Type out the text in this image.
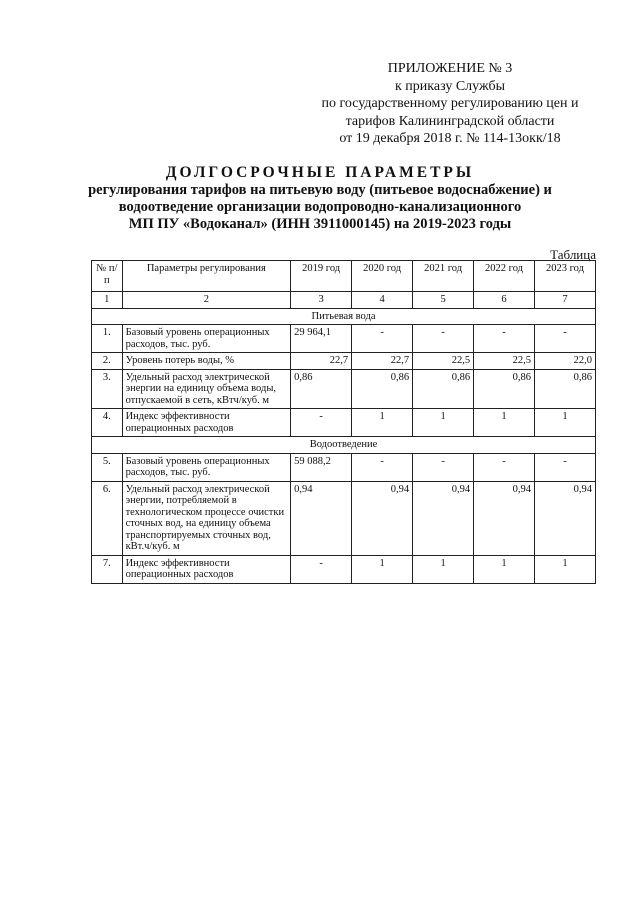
ПРИЛОЖЕНИЕ № 3
к приказу Службы
по государственному регулированию цен и
тарифов Калининградской области
от 19 декабря 2018 г. № 114-13окк/18
ДОЛГОСРОЧНЫЕ ПАРАМЕТРЫ
регулирования тарифов на питьевую воду (питьевое водоснабжение) и
водоотведение организации водопроводно-канализационного
МП ПУ «Водоканал» (ИНН 3911000145) на 2019-2023 годы
Таблица
№ п/п	Параметры регулирования	2019 год	2020 год	2021 год	2022 год	2023 год
1	2	3	4	5	6	7
Питьевая вода						
1.	Базовый уровень операционных расходов, тыс. руб.	29 964,1	-	-	-	-
2.	Уровень потерь воды, %	22,7	22,7	22,5	22,5	22,0
3.	Удельный расход электрической энергии на единицу объема воды, отпускаемой в сеть, кВтч/куб. м	0,86	0,86	0,86	0,86	0,86
4.	Индекс эффективности операционных расходов	-	1	1	1	1
Водоотведение						
5.	Базовый уровень операционных расходов, тыс. руб.	59 088,2	-	-	-	-
6.	Удельный расход электрической энергии, потребляемой в технологическом процессе очистки сточных вод, на единицу объема транспортируемых сточных вод, кВт.ч/куб. м	0,94	0,94	0,94	0,94	0,94
7.	Индекс эффективности операционных расходов	-	1	1	1	1
